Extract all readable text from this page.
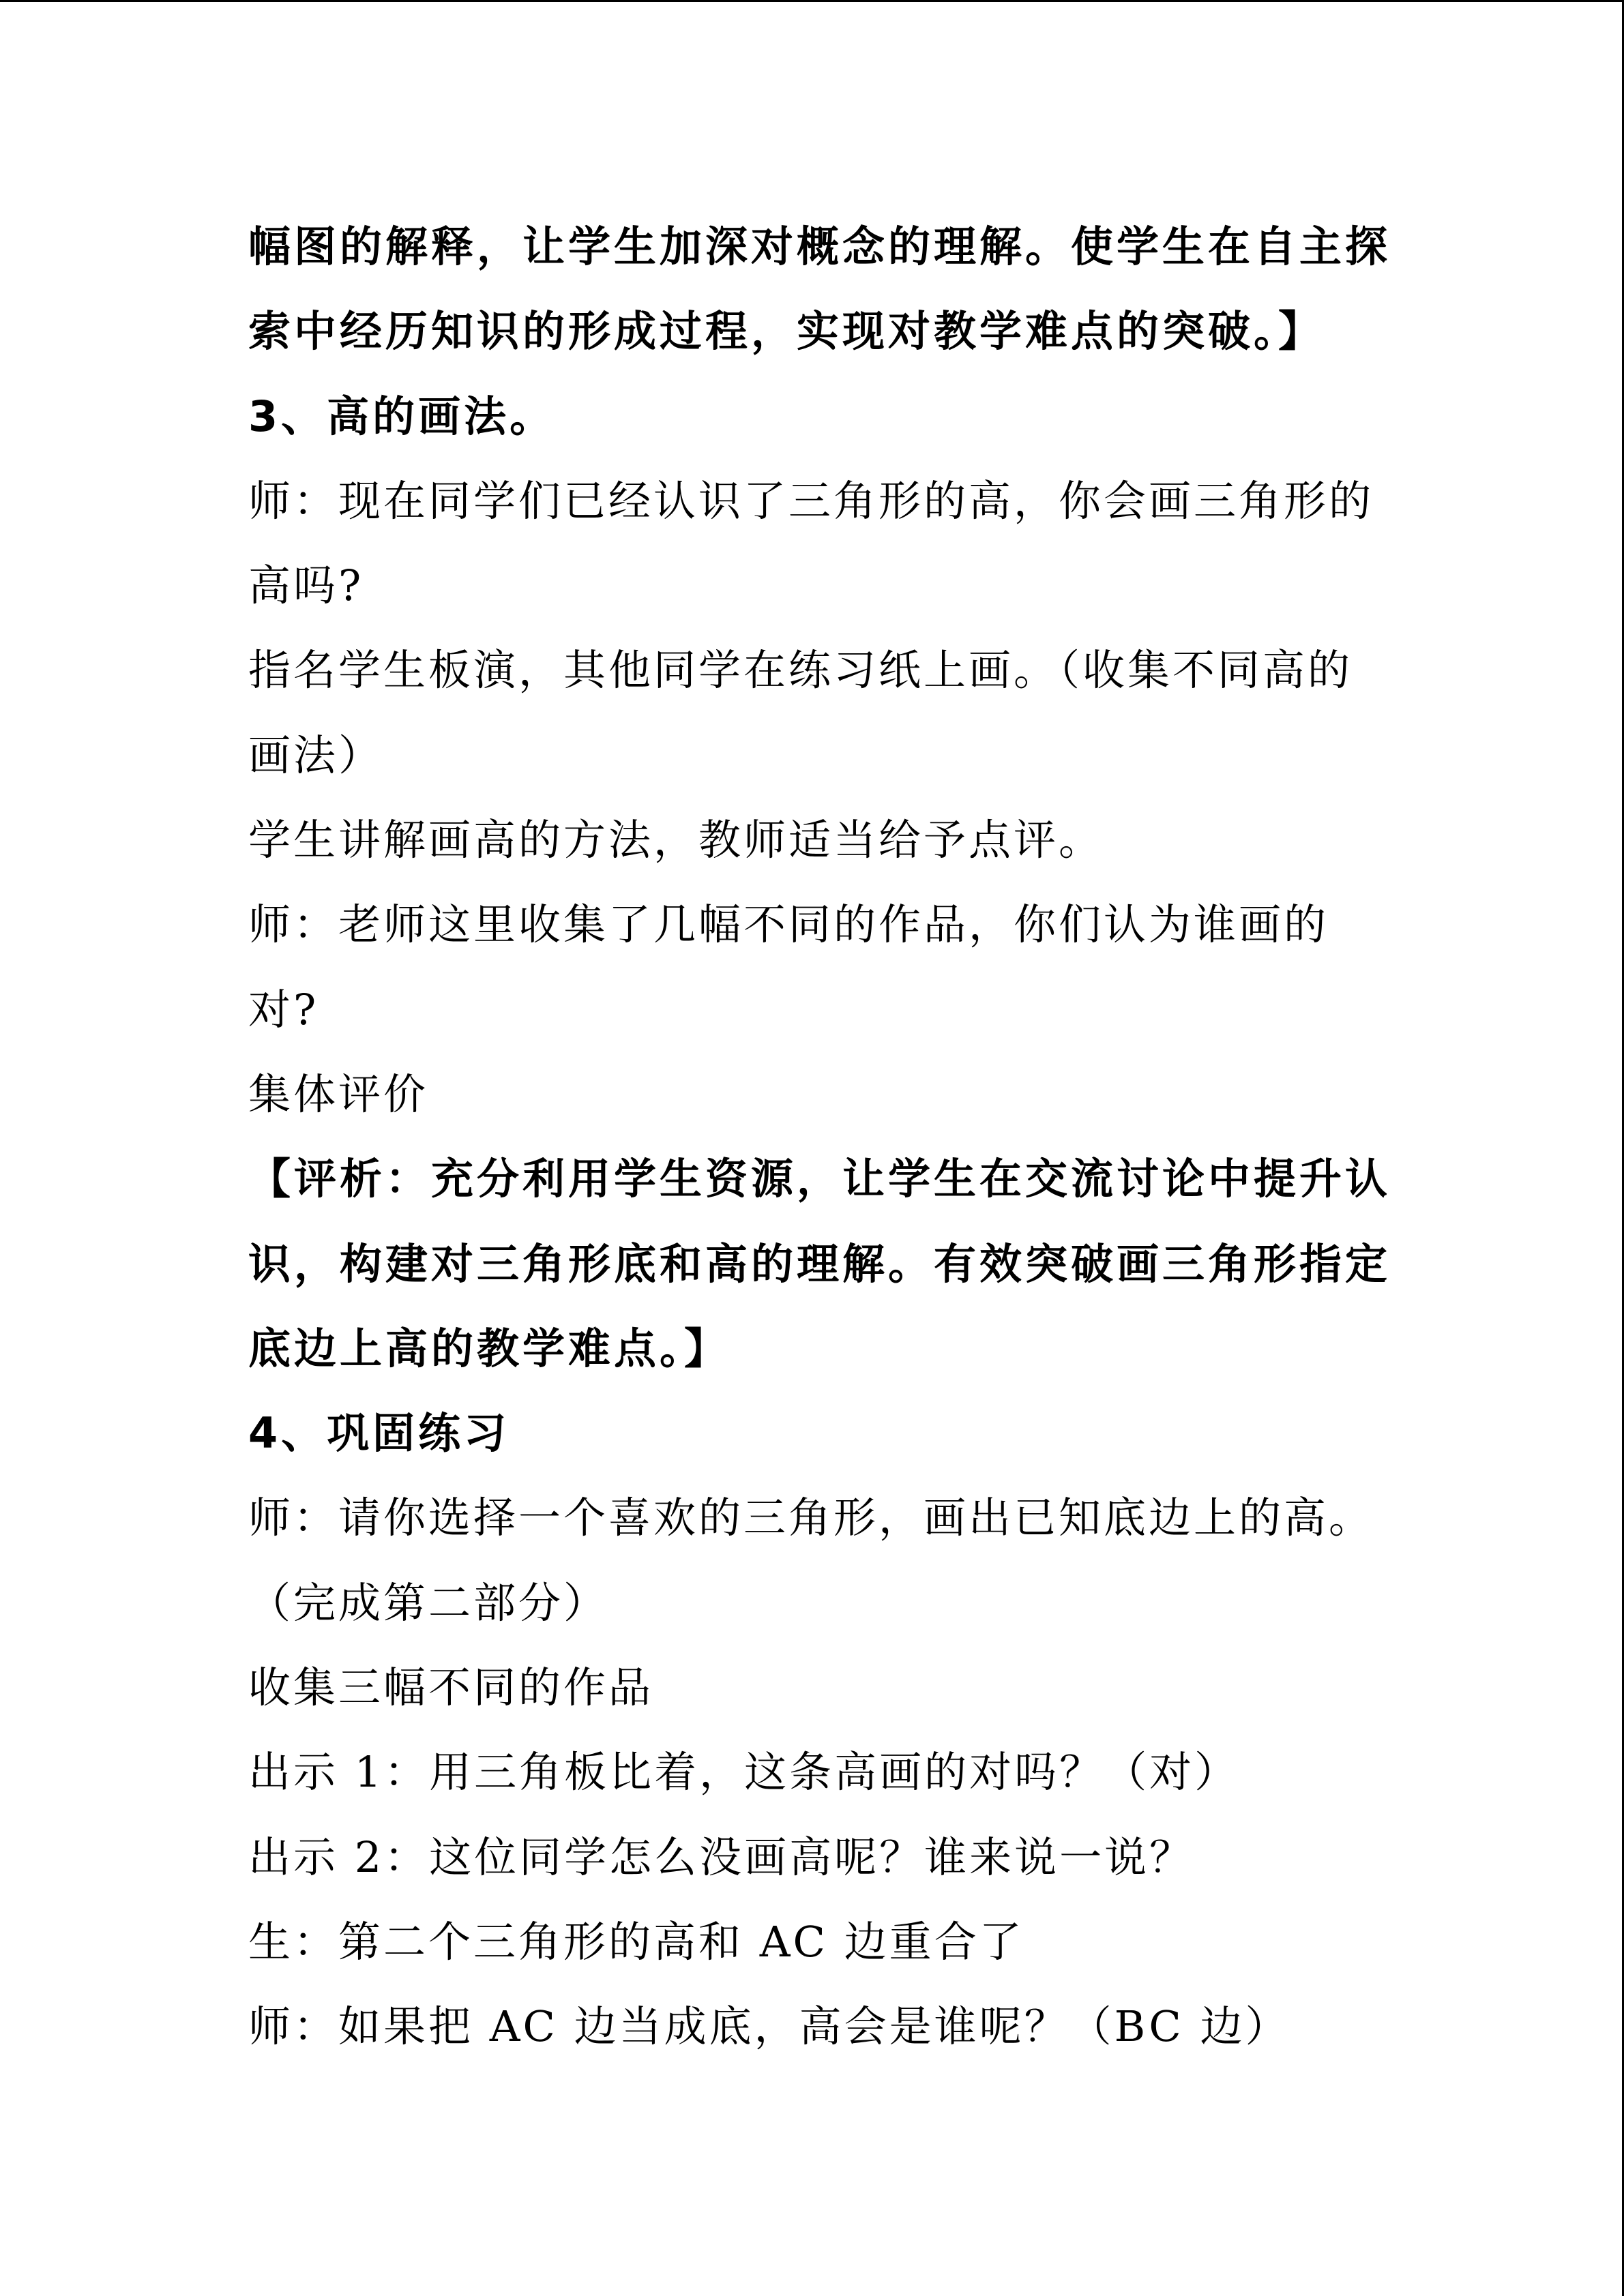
幅图的解释，让学生加深对概念的理解。使学生在自主探
索中经历知识的形成过程，实现对教学难点的突破。】
3、高的画法。
师：现在同学们已经认识了三角形的高，你会画三角形的
高吗?
指名学生板演，其他同学在练习纸上画。（收集不同高的
画法）
学生讲解画高的方法，教师适当给予点评。
师：老师这里收集了几幅不同的作品，你们认为谁画的
对?
集体评价
【评析：充分利用学生资源，让学生在交流讨论中提升认
识，构建对三角形底和高的理解。有效突破画三角形指定
底边上高的教学难点。】
4、巩固练习
师：请你选择一个喜欢的三角形，画出已知底边上的高。
（完成第二部分）
收集三幅不同的作品
出示 1：用三角板比着，这条高画的对吗？（对）
出示 2：这位同学怎么没画高呢？谁来说一说？
生：第二个三角形的高和 AC 边重合了
师：如果把 AC 边当成底，高会是谁呢？（BC 边）
